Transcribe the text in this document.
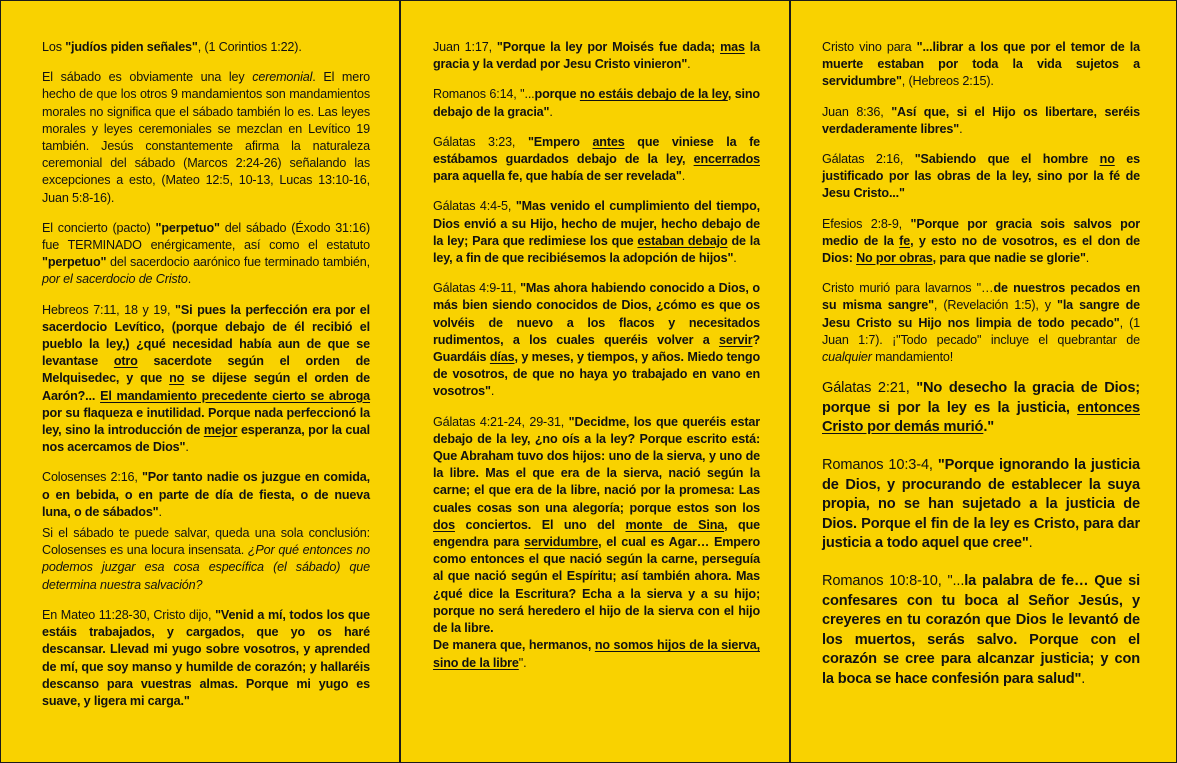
Los "judíos piden señales", (1 Corintios 1:22).

El sábado es obviamente una ley ceremonial. El mero hecho de que los otros 9 mandamientos son mandamientos morales no significa que el sábado también lo es. Las leyes morales y leyes ceremoniales se mezclan en Levítico 19 también. Jesús constantemente afirma la naturaleza ceremonial del sábado (Marcos 2:24-26) señalando las excepciones a esto, (Mateo 12:5, 10-13, Lucas 13:10-16, Juan 5:8-16).

El concierto (pacto) "perpetuo" del sábado (Éxodo 31:16) fue TERMINADO enérgicamente, así como el estatuto "perpetuo" del sacerdocio aarónico fue terminado también, por el sacerdocio de Cristo.

Hebreos 7:11, 18 y 19, "Si pues la perfección era por el sacerdocio Levítico, (porque debajo de él recibió el pueblo la ley,) ¿qué necesidad había aun de que se levantase otro sacerdote según el orden de Melquisedec, y que no se dijese según el orden de Aarón?... El mandamiento precedente cierto se abroga por su flaqueza e inutilidad. Porque nada perfeccionó la ley, sino la introducción de mejor esperanza, por la cual nos acercamos de Dios".

Colosenses 2:16, "Por tanto nadie os juzgue en comida, o en bebida, o en parte de día de fiesta, o de nueva luna, o de sábados".

Si el sábado te puede salvar, queda una sola conclusión: Colosenses es una locura insensata. ¿Por qué entonces no podemos juzgar esa cosa específica (el sábado) que determina nuestra salvación?

En Mateo 11:28-30, Cristo dijo, "Venid a mí, todos los que estáis trabajados, y cargados, que yo os haré descansar. Llevad mi yugo sobre vosotros, y aprended de mí, que soy manso y humilde de corazón; y hallaréis descanso para vuestras almas. Porque mi yugo es suave, y ligera mi carga."

Juan 1:17, "Porque la ley por Moisés fue dada; mas la gracia y la verdad por Jesu Cristo vinieron".

Romanos 6:14, "...porque no estáis debajo de la ley, sino debajo de la gracia".

Gálatas 3:23, "Empero antes que viniese la fe estábamos guardados debajo de la ley, encerrados para aquella fe, que había de ser revelada".

Gálatas 4:4-5, "Mas venido el cumplimiento del tiempo, Dios envió a su Hijo, hecho de mujer, hecho debajo de la ley; Para que redimiese los que estaban debajo de la ley, a fin de que recibiésemos la adopción de hijos".

Gálatas 4:9-11, "Mas ahora habiendo conocido a Dios, o más bien siendo conocidos de Dios, ¿cómo es que os volvéis de nuevo a los flacos y necesitados rudimentos, a los cuales queréis volver a servir? Guardáis días, y meses, y tiempos, y años. Miedo tengo de vosotros, de que no haya yo trabajado en vano en vosotros".

Gálatas 4:21-24, 29-31, "Decidme, los que queréis estar debajo de la ley, ¿no oís a la ley? Porque escrito está: Que Abraham tuvo dos hijos: uno de la sierva, y uno de la libre. Mas el que era de la sierva, nació según la carne; el que era de la libre, nació por la promesa: Las cuales cosas son una alegoría; porque estos son los dos conciertos. El uno del monte de Sina, que engendra para servidumbre, el cual es Agar… Empero como entonces el que nació según la carne, perseguía al que nació según el Espíritu; así también ahora. Mas ¿qué dice la Escritura? Echa a la sierva y a su hijo; porque no será heredero el hijo de la sierva con el hijo de la libre.
De manera que, hermanos, no somos hijos de la sierva, sino de la libre".

Cristo vino para "...librar a los que por el temor de la muerte estaban por toda la vida sujetos a servidumbre", (Hebreos 2:15).

Juan 8:36, "Así que, si el Hijo os libertare, seréis verdaderamente libres".

Gálatas 2:16, "Sabiendo que el hombre no es justificado por las obras de la ley, sino por la fé de Jesu Cristo..."

Efesios 2:8-9, "Porque por gracia sois salvos por medio de la fe, y esto no de vosotros, es el don de Dios: No por obras, para que nadie se glorie".

Cristo murió para lavarnos "…de nuestros pecados en su misma sangre", (Revelación 1:5), y "la sangre de Jesu Cristo su Hijo nos limpia de todo pecado", (1 Juan 1:7). ¡"Todo pecado" incluye el quebrantar de cualquier mandamiento!

Gálatas 2:21, "No desecho la gracia de Dios; porque si por la ley es la justicia, entonces Cristo por demás murió."

Romanos 10:3-4, "Porque ignorando la justicia de Dios, y procurando de establecer la suya propia, no se han sujetado a la justicia de Dios. Porque el fin de la ley es Cristo, para dar justicia a todo aquel que cree".

Romanos 10:8-10, "...la palabra de fe… Que si confesares con tu boca al Señor Jesús, y creyeres en tu corazón que Dios le levantó de los muertos, serás salvo. Porque con el corazón se cree para alcanzar justicia; y con la boca se hace confesión para salud".
